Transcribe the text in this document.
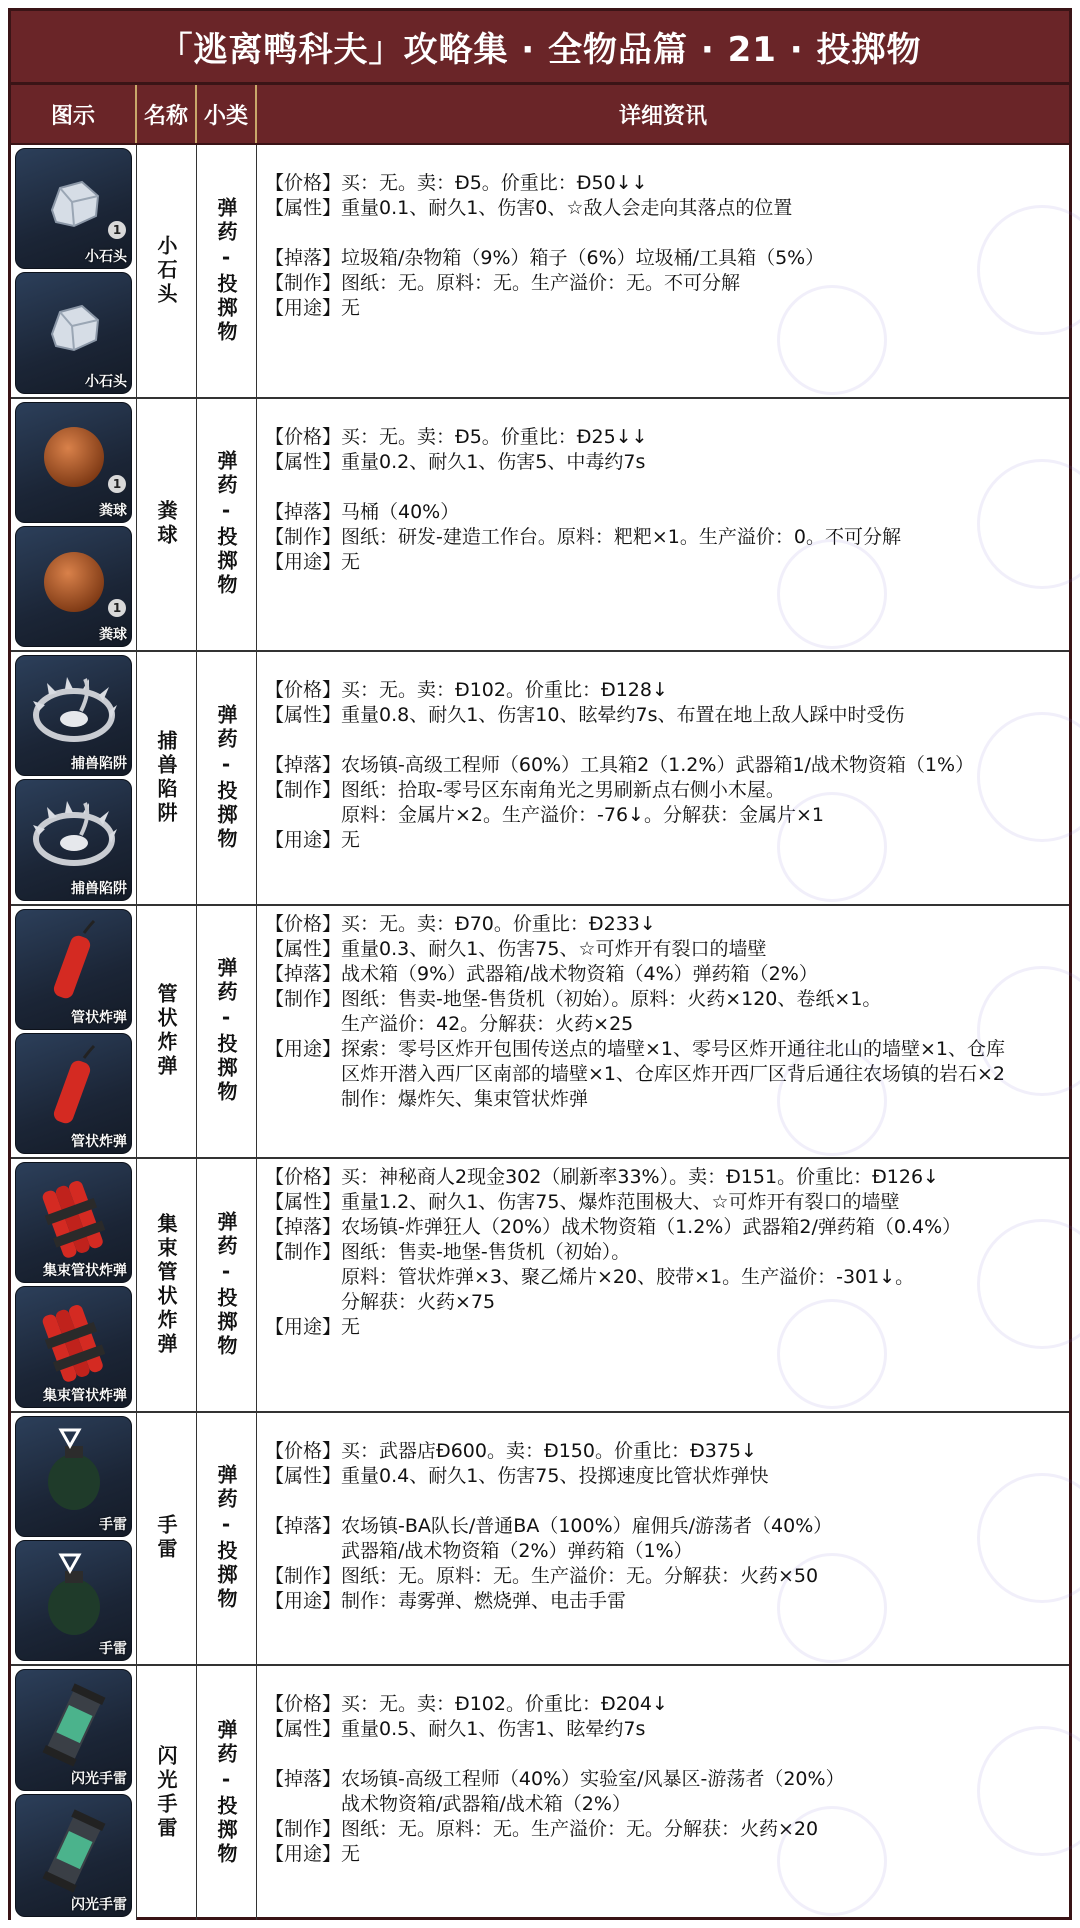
「逃离鸭科夫」攻略集 · 全物品篇 · 21 · 投掷物
图示	名称 小类	详细资讯
1
小石头
小石头
小石头 弹药-投掷物
【价格】买：无。卖：Đ5。价重比：Đ50↓↓
【属性】重量0.1、耐久1、伤害0、☆敌人会走向其落点的位置
【掉落】垃圾箱/杂物箱（9%）箱子（6%）垃圾桶/工具箱（5%）
【制作】图纸：无。原料：无。生产溢价：无。不可分解
【用途】无
1
粪球
1
粪球
粪球 弹药-投掷物
【价格】买：无。卖：Đ5。价重比：Đ25↓↓
【属性】重量0.2、耐久1、伤害5、中毒约7s
【掉落】马桶（40%）
【制作】图纸：研发-建造工作台。原料：粑粑×1。生产溢价：0。不可分解
【用途】无
捕兽陷阱
捕兽陷阱
捕兽陷阱 弹药-投掷物
【价格】买：无。卖：Đ102。价重比：Đ128↓
【属性】重量0.8、耐久1、伤害10、眩晕约7s、布置在地上敌人踩中时受伤
【掉落】农场镇-高级工程师（60%）工具箱2（1.2%）武器箱1/战术物资箱（1%）
【制作】图纸：拾取-零号区东南角光之男刷新点右侧小木屋。
原料：金属片×2。生产溢价：-76↓。分解获：金属片×1
【用途】无
管状炸弹
管状炸弹
管状炸弹 弹药-投掷物
【价格】买：无。卖：Đ70。价重比：Đ233↓
【属性】重量0.3、耐久1、伤害75、☆可炸开有裂口的墙壁
【掉落】战术箱（9%）武器箱/战术物资箱（4%）弹药箱（2%）
【制作】图纸：售卖-地堡-售货机（初始）。原料：火药×120、卷纸×1。
生产溢价：42。分解获：火药×25
【用途】探索：零号区炸开包围传送点的墙壁×1、零号区炸开通往北山的墙壁×1、仓库
区炸开潜入西厂区南部的墙壁×1、仓库区炸开西厂区背后通往农场镇的岩石×2
制作：爆炸矢、集束管状炸弹
集束管状炸弹
集束管状炸弹
集束管状炸弹 弹药-投掷物
【价格】买：神秘商人2现金302（刷新率33%）。卖：Đ151。价重比：Đ126↓
【属性】重量1.2、耐久1、伤害75、爆炸范围极大、☆可炸开有裂口的墙壁
【掉落】农场镇-炸弹狂人（20%）战术物资箱（1.2%）武器箱2/弹药箱（0.4%）
【制作】图纸：售卖-地堡-售货机（初始）。
原料：管状炸弹×3、聚乙烯片×20、胶带×1。生产溢价：-301↓。
分解获：火药×75
【用途】无
手雷
手雷
手雷 弹药-投掷物
【价格】买：武器店Đ600。卖：Đ150。价重比：Đ375↓
【属性】重量0.4、耐久1、伤害75、投掷速度比管状炸弹快
【掉落】农场镇-BA队长/普通BA（100%）雇佣兵/游荡者（40%）
武器箱/战术物资箱（2%）弹药箱（1%）
【制作】图纸：无。原料：无。生产溢价：无。分解获：火药×50
【用途】制作：毒雾弹、燃烧弹、电击手雷
闪光手雷
闪光手雷
闪光手雷 弹药-投掷物
【价格】买：无。卖：Đ102。价重比：Đ204↓
【属性】重量0.5、耐久1、伤害1、眩晕约7s
【掉落】农场镇-高级工程师（40%）实验室/风暴区-游荡者（20%）
战术物资箱/武器箱/战术箱（2%）
【制作】图纸：无。原料：无。生产溢价：无。分解获：火药×20
【用途】无
